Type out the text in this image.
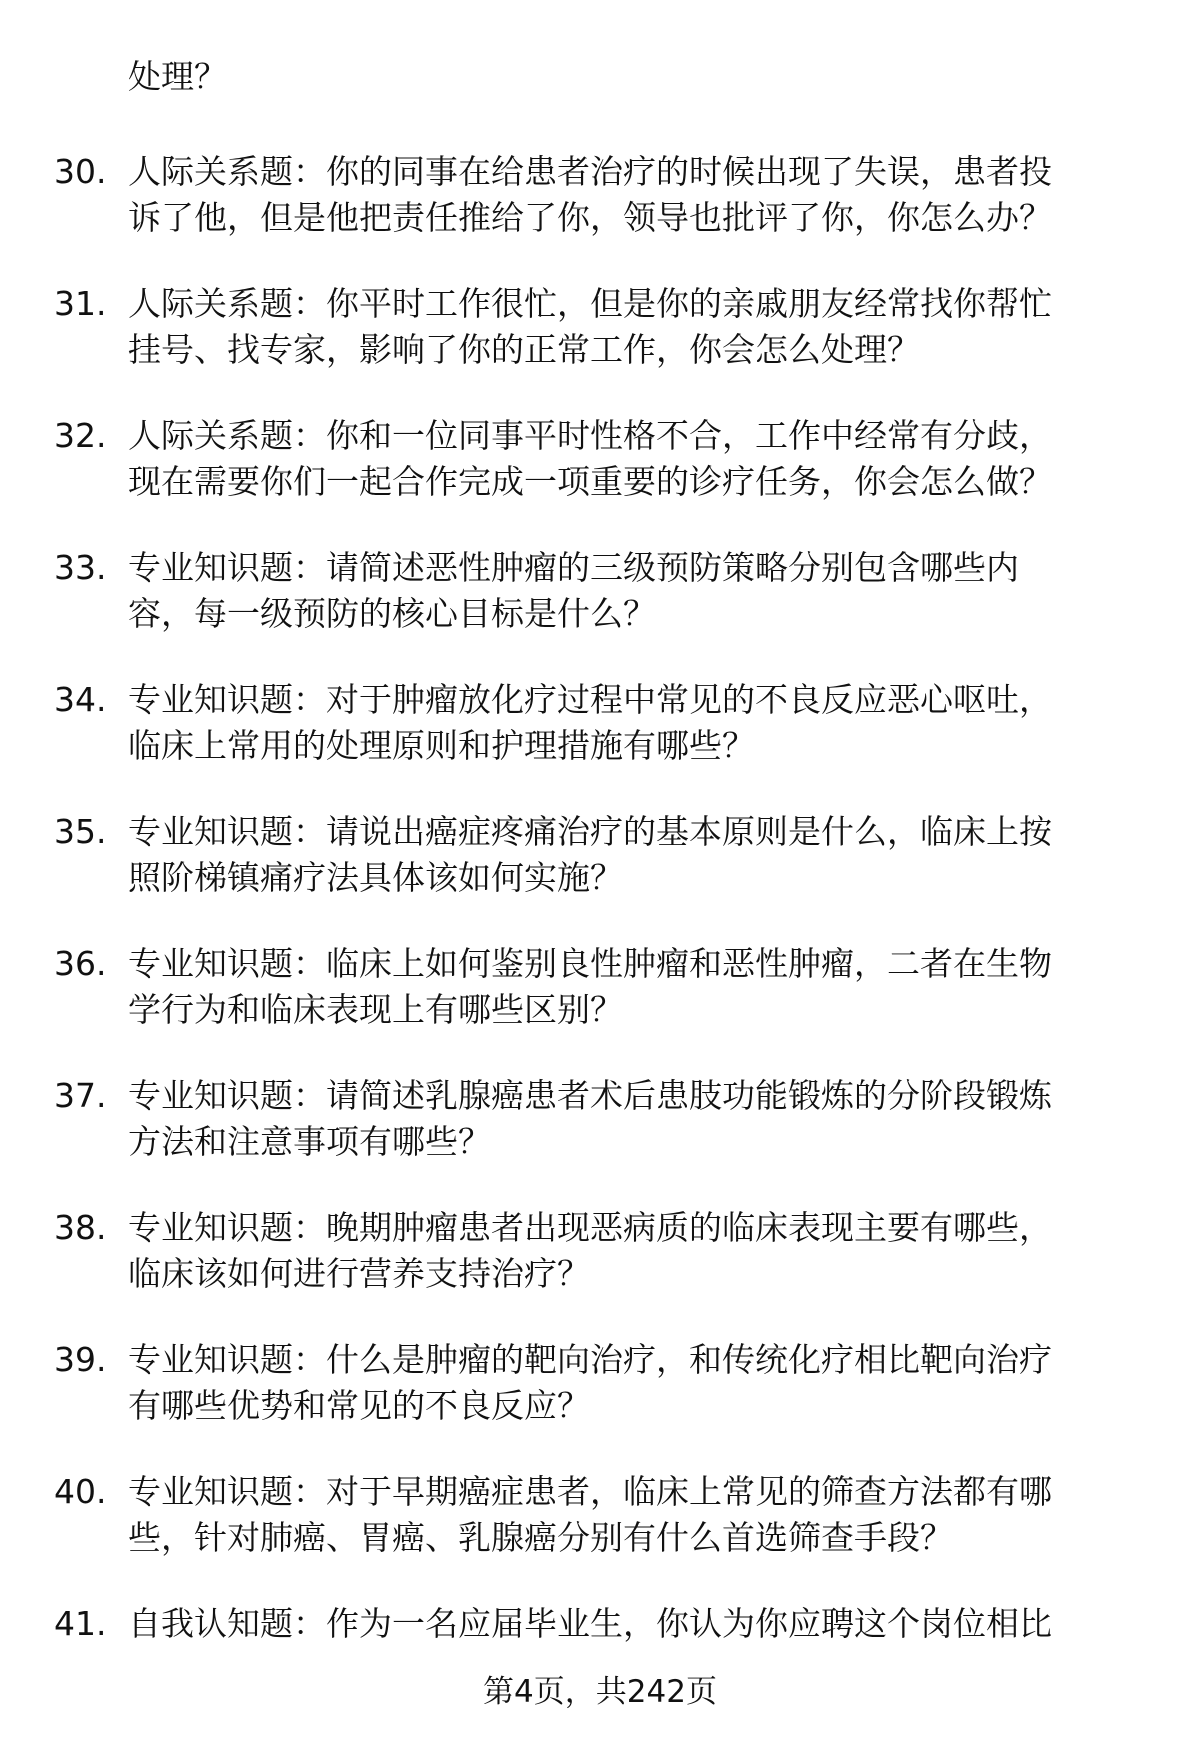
处理？
30. 人际关系题：你的同事在给患者治疗的时候出现了失误，患者投
诉了他，但是他把责任推给了你，领导也批评了你，你怎么办？
31. 人际关系题：你平时工作很忙，但是你的亲戚朋友经常找你帮忙
挂号、找专家，影响了你的正常工作，你会怎么处理？
32. 人际关系题：你和一位同事平时性格不合，工作中经常有分歧，
现在需要你们一起合作完成一项重要的诊疗任务，你会怎么做？
33. 专业知识题：请简述恶性肿瘤的三级预防策略分别包含哪些内
容，每一级预防的核心目标是什么？
34. 专业知识题：对于肿瘤放化疗过程中常见的不良反应恶心呕吐，
临床上常用的处理原则和护理措施有哪些？
35. 专业知识题：请说出癌症疼痛治疗的基本原则是什么，临床上按
照阶梯镇痛疗法具体该如何实施？
36. 专业知识题：临床上如何鉴别良性肿瘤和恶性肿瘤，二者在生物
学行为和临床表现上有哪些区别？
37. 专业知识题：请简述乳腺癌患者术后患肢功能锻炼的分阶段锻炼
方法和注意事项有哪些？
38. 专业知识题：晚期肿瘤患者出现恶病质的临床表现主要有哪些，
临床该如何进行营养支持治疗？
39. 专业知识题：什么是肿瘤的靶向治疗，和传统化疗相比靶向治疗
有哪些优势和常见的不良反应？
40. 专业知识题：对于早期癌症患者，临床上常见的筛查方法都有哪
些，针对肺癌、胃癌、乳腺癌分别有什么首选筛查手段？
41. 自我认知题：作为一名应届毕业生，你认为你应聘这个岗位相比
第4页，共242页
